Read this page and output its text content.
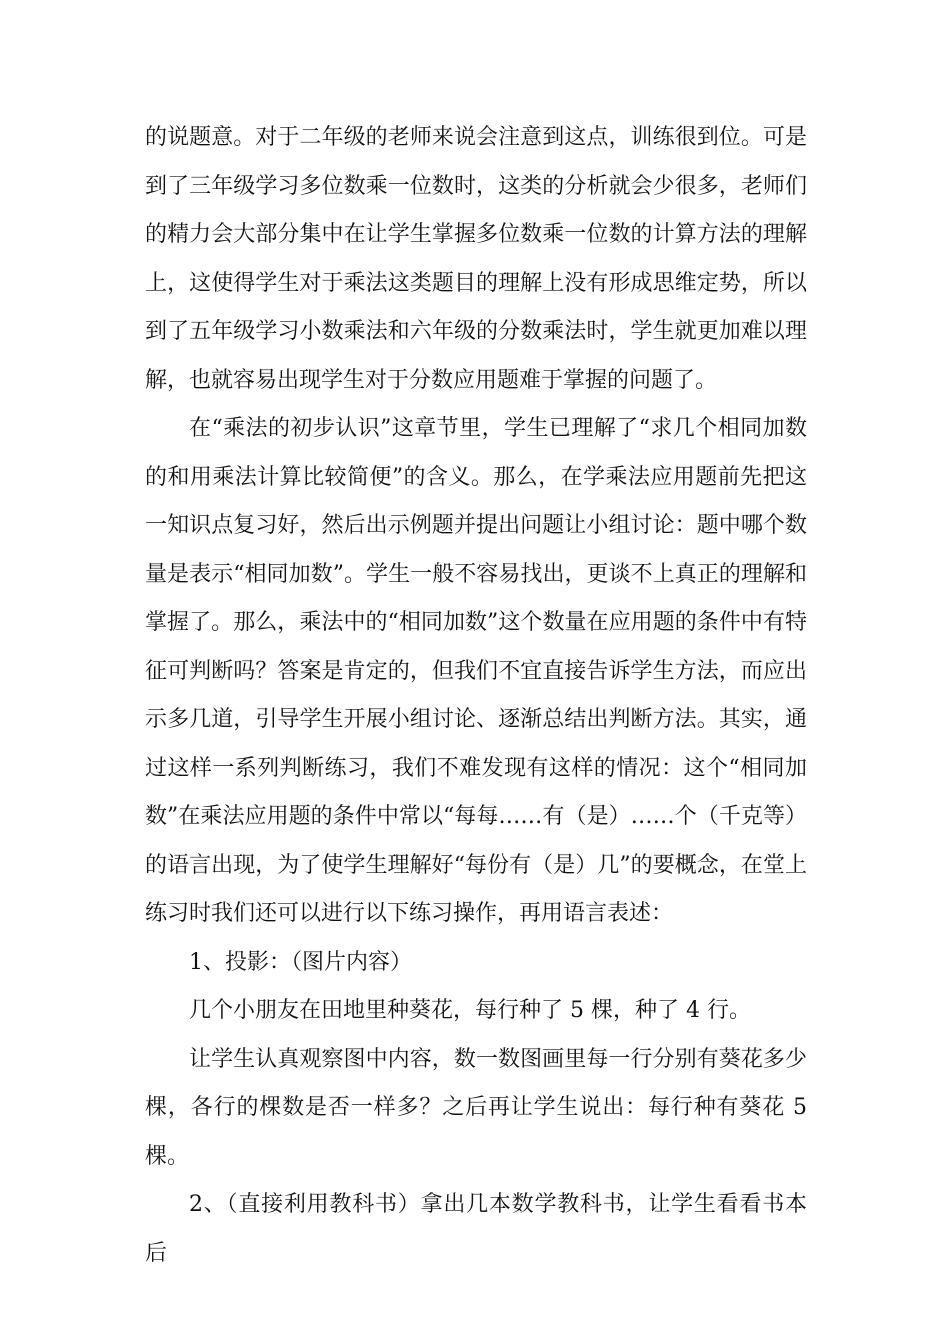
的说题意。对于二年级的老师来说会注意到这点，训练很到位。可是到了三年级学习多位数乘一位数时，这类的分析就会少很多，老师们的精力会大部分集中在让学生掌握多位数乘一位数的计算方法的理解上，这使得学生对于乘法这类题目的理解上没有形成思维定势，所以到了五年级学习小数乘法和六年级的分数乘法时，学生就更加难以理解，也就容易出现学生对于分数应用题难于掌握的问题了。

在“乘法的初步认识”这章节里，学生已理解了“求几个相同加数的和用乘法计算比较简便”的含义。那么，在学乘法应用题前先把这一知识点复习好，然后出示例题并提出问题让小组讨论：题中哪个数量是表示“相同加数”。学生一般不容易找出，更谈不上真正的理解和掌握了。那么，乘法中的“相同加数”这个数量在应用题的条件中有特征可判断吗？答案是肯定的，但我们不宜直接告诉学生方法，而应出示多几道，引导学生开展小组讨论、逐渐总结出判断方法。其实，通过这样一系列判断练习，我们不难发现有这样的情况：这个“相同加数”在乘法应用题的条件中常以“每每……有（是）……个（千克等）的语言出现，为了使学生理解好“每份有（是）几”的要概念，在堂上练习时我们还可以进行以下练习操作，再用语言表述：

1、投影：（图片内容）

几个小朋友在田地里种葵花，每行种了 5 棵，种了 4 行。

让学生认真观察图中内容，数一数图画里每一行分别有葵花多少棵，各行的棵数是否一样多？之后再让学生说出：每行种有葵花 5 棵。

2、（直接利用教科书）拿出几本数学教科书，让学生看看书本后
